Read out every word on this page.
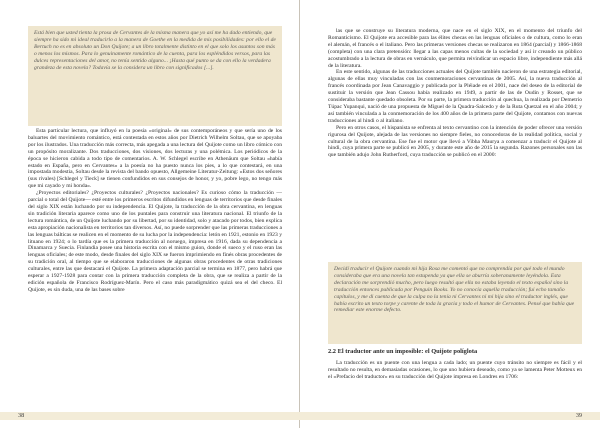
Está bien que usted tienta la prosa de Cervantes de la misma manera que yo así me ha dado entiendo, que siempre ha sido mi ideal traducirlo a la manera de Goethe en la medida de mis posibilidades: por ello el de Bertuch no es en absoluto un Don Quijote; a un libro totalmente distinto en el que solo los asuntos son más o menos los mismos. Para lo genuinamente romántico de la cuenta, para los espléndidos versos, para las dulces representaciones del amor, no tenía sentido alguno... ¡Hasta qué punto se da con ello la verdadera grandeza de esta novela? Todavía se la considera un libro con significados [...].

Esta particular lectura, que influyó en la poesía «original» de sus contemporáneos y que sería uno de los baluartes del movimiento romántico, está contestada en estos años por Dietrich Wilhelm Soltau, que se apoyaba por los ilustrados. Una traducción más correcta, más apegada a una lectura del Quijote como un libro cómico con un propósito moralizante. Dos traducciones, dos visiones, dos lecturas y una polémica. Los periódicos de la época se hicieron cabida a todo tipo de comentarios. A. W. Schlegel escribe en Athenäum que Soltau «había estado en España, pero en Cervantes» a la poesía no ha puesto nunca los pies, a lo que contestará, en una impostada modestia, Soltau desde la revista del bando opuesto, Allgemeine Literatur-Zeitung: «Estos dos señores (sus rivales) [Schlegel y Tieck] se tienen confundidos en sus consejos de honor, y yo, pobre lego, no tengo más que mi cayado y mi honda».

¿Proyectos editoriales? ¿Proyectos culturales? ¿Proyectos nacionales? Es curioso cómo la traducción —parcial o total del Quijote— esté entre los primeros escritos difundidos en lenguas de territorios que desde finales del siglo XIX están luchando por su independencia. El Quijote, la traducción de la obra cervantina, en lenguas sin tradición literaria aparece como uno de los puntales para construir una literatura nacional. El triunfo de la lectura romántica, de un Quijote luchando por su libertad, por su identidad, solo y atacado por todos, bien explica esta apropiación nacionalista en territorios tan diversos. Así, no puede sorprender que las primeras traducciones a las lenguas bálticas se realicen en el momento de su lucha por la independencia: letón en 1921, estonio en 1923 y lituano en 1924; o lo tardía que es la primera traducción al noruego, impresa en 1916, dada su dependencia a Dinamarca y Suecia. Finlandia posee una historia escrita con el mismo guion, donde el sueco y el ruso eran las lenguas oficiales; de este modo, desde finales del siglo XIX se fueron imprimiendo en finés obras procedentes de su tradición oral, al tiempo que se elaboraron traducciones de algunas obras procedentes de otras tradiciones culturales, entre las que destacará el Quijote. La primera adaptación parcial se termina en 1877, pero habrá que esperar a 1927-1928 para contar con la primera traducción completa de la obra, que se realiza a partir de la edición española de Francisco Rodríguez-Marín. Pero el caso más paradigmático quizá sea el del checo. El Quijote, es sin duda, una de las bases sobre

38

las que se construye su literatura moderna, que nace en el siglo XIX, en el momento del triunfo del Romanticismo. El Quijote era accesible para las élites checas en las lenguas oficiales o de cultura, como lo eran el alemán, el francés o el italiano. Pero las primeras versiones checas se realizaron en 1864 (parcial) y 1866-1868 (completa) con una clara pretensión: llegar a las capas menos cultas de la sociedad y así ir creando un público acostumbrado a la lectura de obras en vernáculo, que permita reivindicar un espacio libre, independiente más allá de la literatura.

En este sentido, algunas de las traducciones actuales del Quijote también nacieron de una estrategia editorial, algunas de ellas muy vinculadas con las conmemoraciones cervantinas de 2005. Así, la nueva traducción al francés coordinada por Jean Canavaggio y publicada por la Pléiade en el 2001, nace del deseo de la editorial de sustituir la versión que Jean Cassou había realizado en 1949, a partir de las de Oudin y Rosset, que se consideraba bastante quedado obsoleta. Por su parte, la primera traducción al quechua, la realizada por Demetrio Túpac Yupanqui, nació de una propuesta de Miguel de la Quadra-Salcedo y de la Ruta Quetzal en el año 2004; y así también vinculada a la conmemoración de los 400 años de la primera parte del Quijote, contamos con nuevas traducciones al hindi o al italiano.

Pero en otros casos, el hispanista se enfrenta al texto cervantino con la intención de poder ofrecer una versión rigurosa del Quijote, alejada de las versiones no siempre fieles, no conocedoras de la realidad política, social y cultural de la obra cervantina. Ese fue el motor que llevó a Vibha Maurya a comenzar a traducir el Quijote al hindi, cuya primera parte se publicó en 2005, y durante este año de 2015 la segunda. Razones personales son las que también adujo John Rutherford, cuya traducción se publicó en el 2000:

Decidí traducir el Quijote cuando mi hija Rosa me comentó que no comprendía por qué todo el mundo consideraba que era una novela tan estupenda ya que ella se aburría soberanamente leyéndola. Esta declaración me sorprendió mucho, pero luego resultó que ella no estaba leyendo el texto español sino la traducción entonces publicada por Penguin Books. Yo no conocía aquella traducción; fui echo tamaño capítulos, y me di cuenta de que la culpa no la tenía ni Cervantes ni mi hija sino el traductor inglés, que había escrito un texto torpe y carente de toda la gracia y todo el humor de Cervantes. Pensé que había que remediar este enorme defecto.
2.2 El traductor ante un imposible: el Quijote políglota

La traducción es un puente con una lengua a cada lado; un puente cuyo tránsito no siempre es fácil y el resultado no resulta, en demasiadas ocasiones, lo que uno hubiera deseado, como ya se lamenta Peter Motteux en el «Prefacio del traductor» en su traducción del Quijote impresa en Londres en 1706:

39
